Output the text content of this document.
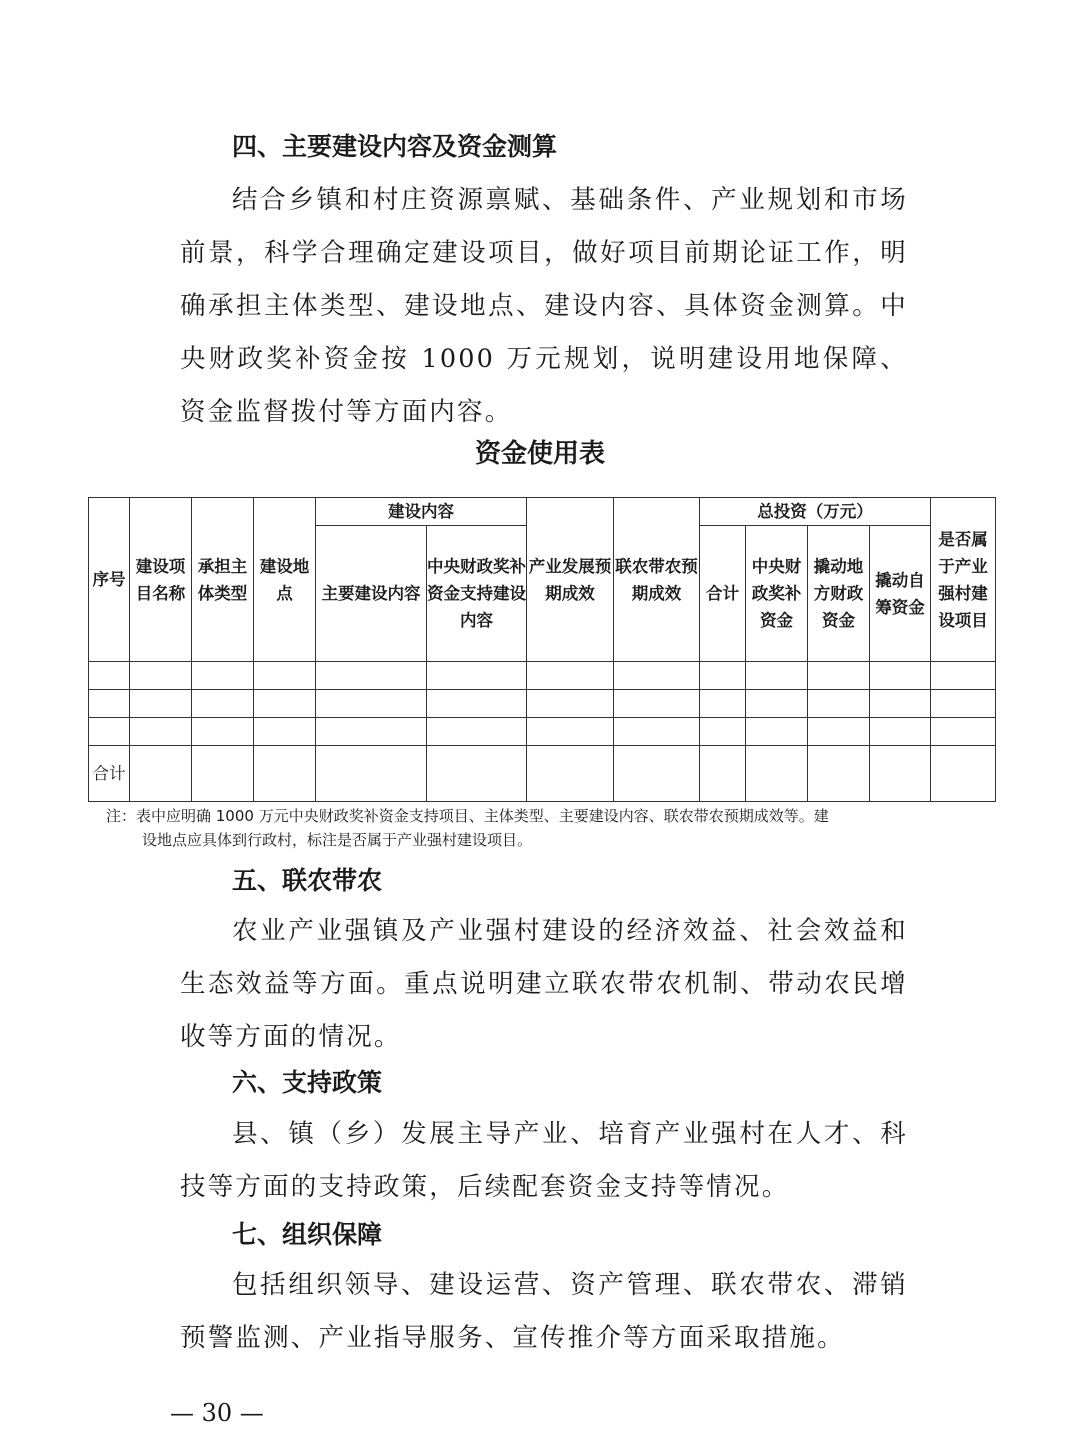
四、主要建设内容及资金测算

结合乡镇和村庄资源禀赋、基础条件、产业规划和市场前景，科学合理确定建设项目，做好项目前期论证工作，明确承担主体类型、建设地点、建设内容、具体资金测算。中央财政奖补资金按 1000 万元规划，说明建设用地保障、资金监督拨付等方面内容。

资金使用表
序号	建设项目名称	承担主体类型	建设地点	建设内容		产业发展预期成效	联农带农预期成效	总投资（万元）				是否属于产业强村建设项目
				主要建设内容	中央财政奖补资金支持建设内容			合计	中央财政奖补资金	撬动地方财政资金	撬动自筹资金	

合计												

注：表中应明确 1000 万元中央财政奖补资金支持项目、主体类型、主要建设内容、联农带农预期成效等。建
设地点应具体到行政村，标注是否属于产业强村建设项目。

五、联农带农

农业产业强镇及产业强村建设的经济效益、社会效益和生态效益等方面。重点说明建立联农带农机制、带动农民增收等方面的情况。

六、支持政策

县、镇（乡）发展主导产业、培育产业强村在人才、科技等方面的支持政策，后续配套资金支持等情况。

七、组织保障

包括组织领导、建设运营、资产管理、联农带农、滞销预警监测、产业指导服务、宣传推介等方面采取措施。

— 30 —
